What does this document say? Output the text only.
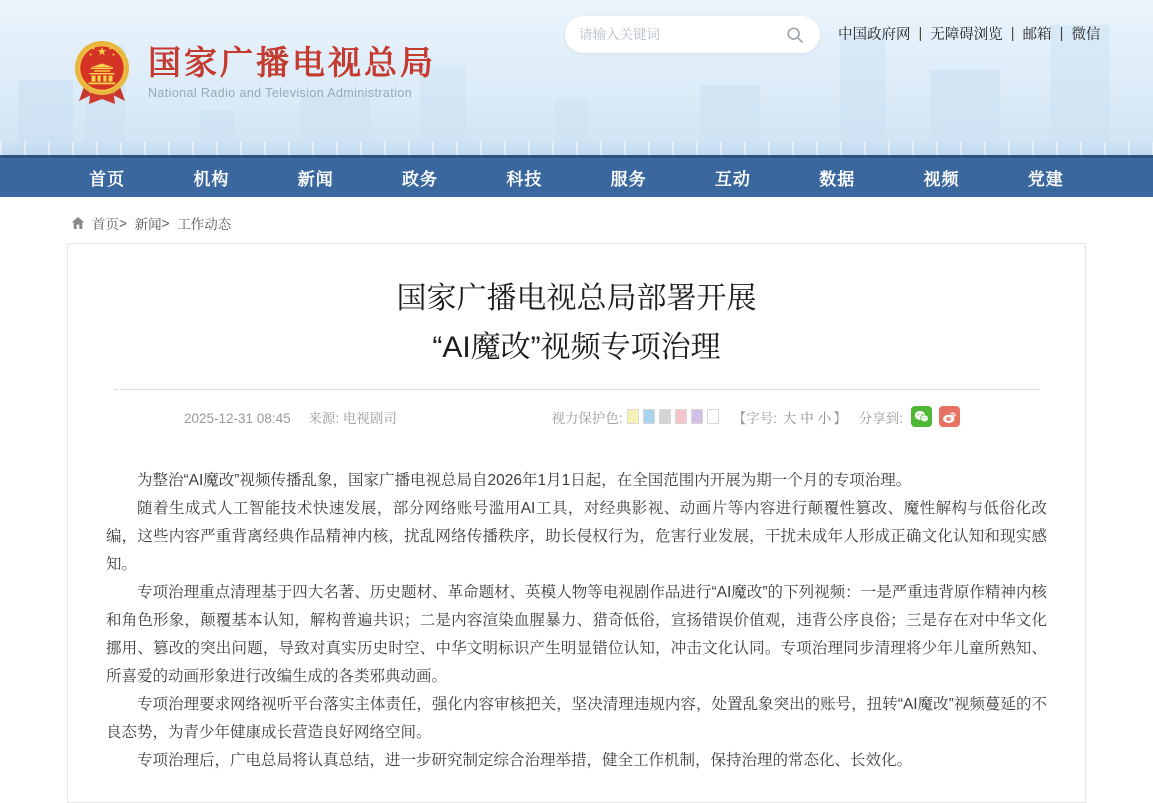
国家广播电视总局
National Radio and Television Administration
请输入关键词
中国政府网 | 无障碍浏览 | 邮箱 | 微信
首页	机构	新闻	政务	科技	服务	互动	数据	视频	党建
首页 >
新闻 >
工作动态
国家广播电视总局部署开展
“AI魔改”视频专项治理
2025-12-31 08:45 来源: 电视剧司	视力保护色:	【字号: 大 中 小 】 分享到:

为整治“AI魔改”视频传播乱象，国家广播电视总局自2026年1月1日起，在全国范围内开展为期一个月的专项治理。

随着生成式人工智能技术快速发展，部分网络账号滥用AI工具，对经典影视、动画片等内容进行颠覆性篡改、魔性解构与低俗化改编，这些内容严重背离经典作品精神内核，扰乱网络传播秩序，助长侵权行为，危害行业发展，干扰未成年人形成正确文化认知和现实感知。

专项治理重点清理基于四大名著、历史题材、革命题材、英模人物等电视剧作品进行“AI魔改”的下列视频：一是严重违背原作精神内核和角色形象，颠覆基本认知，解构普遍共识；二是内容渲染血腥暴力、猎奇低俗，宣扬错误价值观，违背公序良俗；三是存在对中华文化挪用、篡改的突出问题，导致对真实历史时空、中华文明标识产生明显错位认知，冲击文化认同。专项治理同步清理将少年儿童所熟知、所喜爱的动画形象进行改编生成的各类邪典动画。

专项治理要求网络视听平台落实主体责任，强化内容审核把关，坚决清理违规内容，处置乱象突出的账号，扭转“AI魔改”视频蔓延的不良态势，为青少年健康成长营造良好网络空间。

专项治理后，广电总局将认真总结，进一步研究制定综合治理举措，健全工作机制，保持治理的常态化、长效化。
